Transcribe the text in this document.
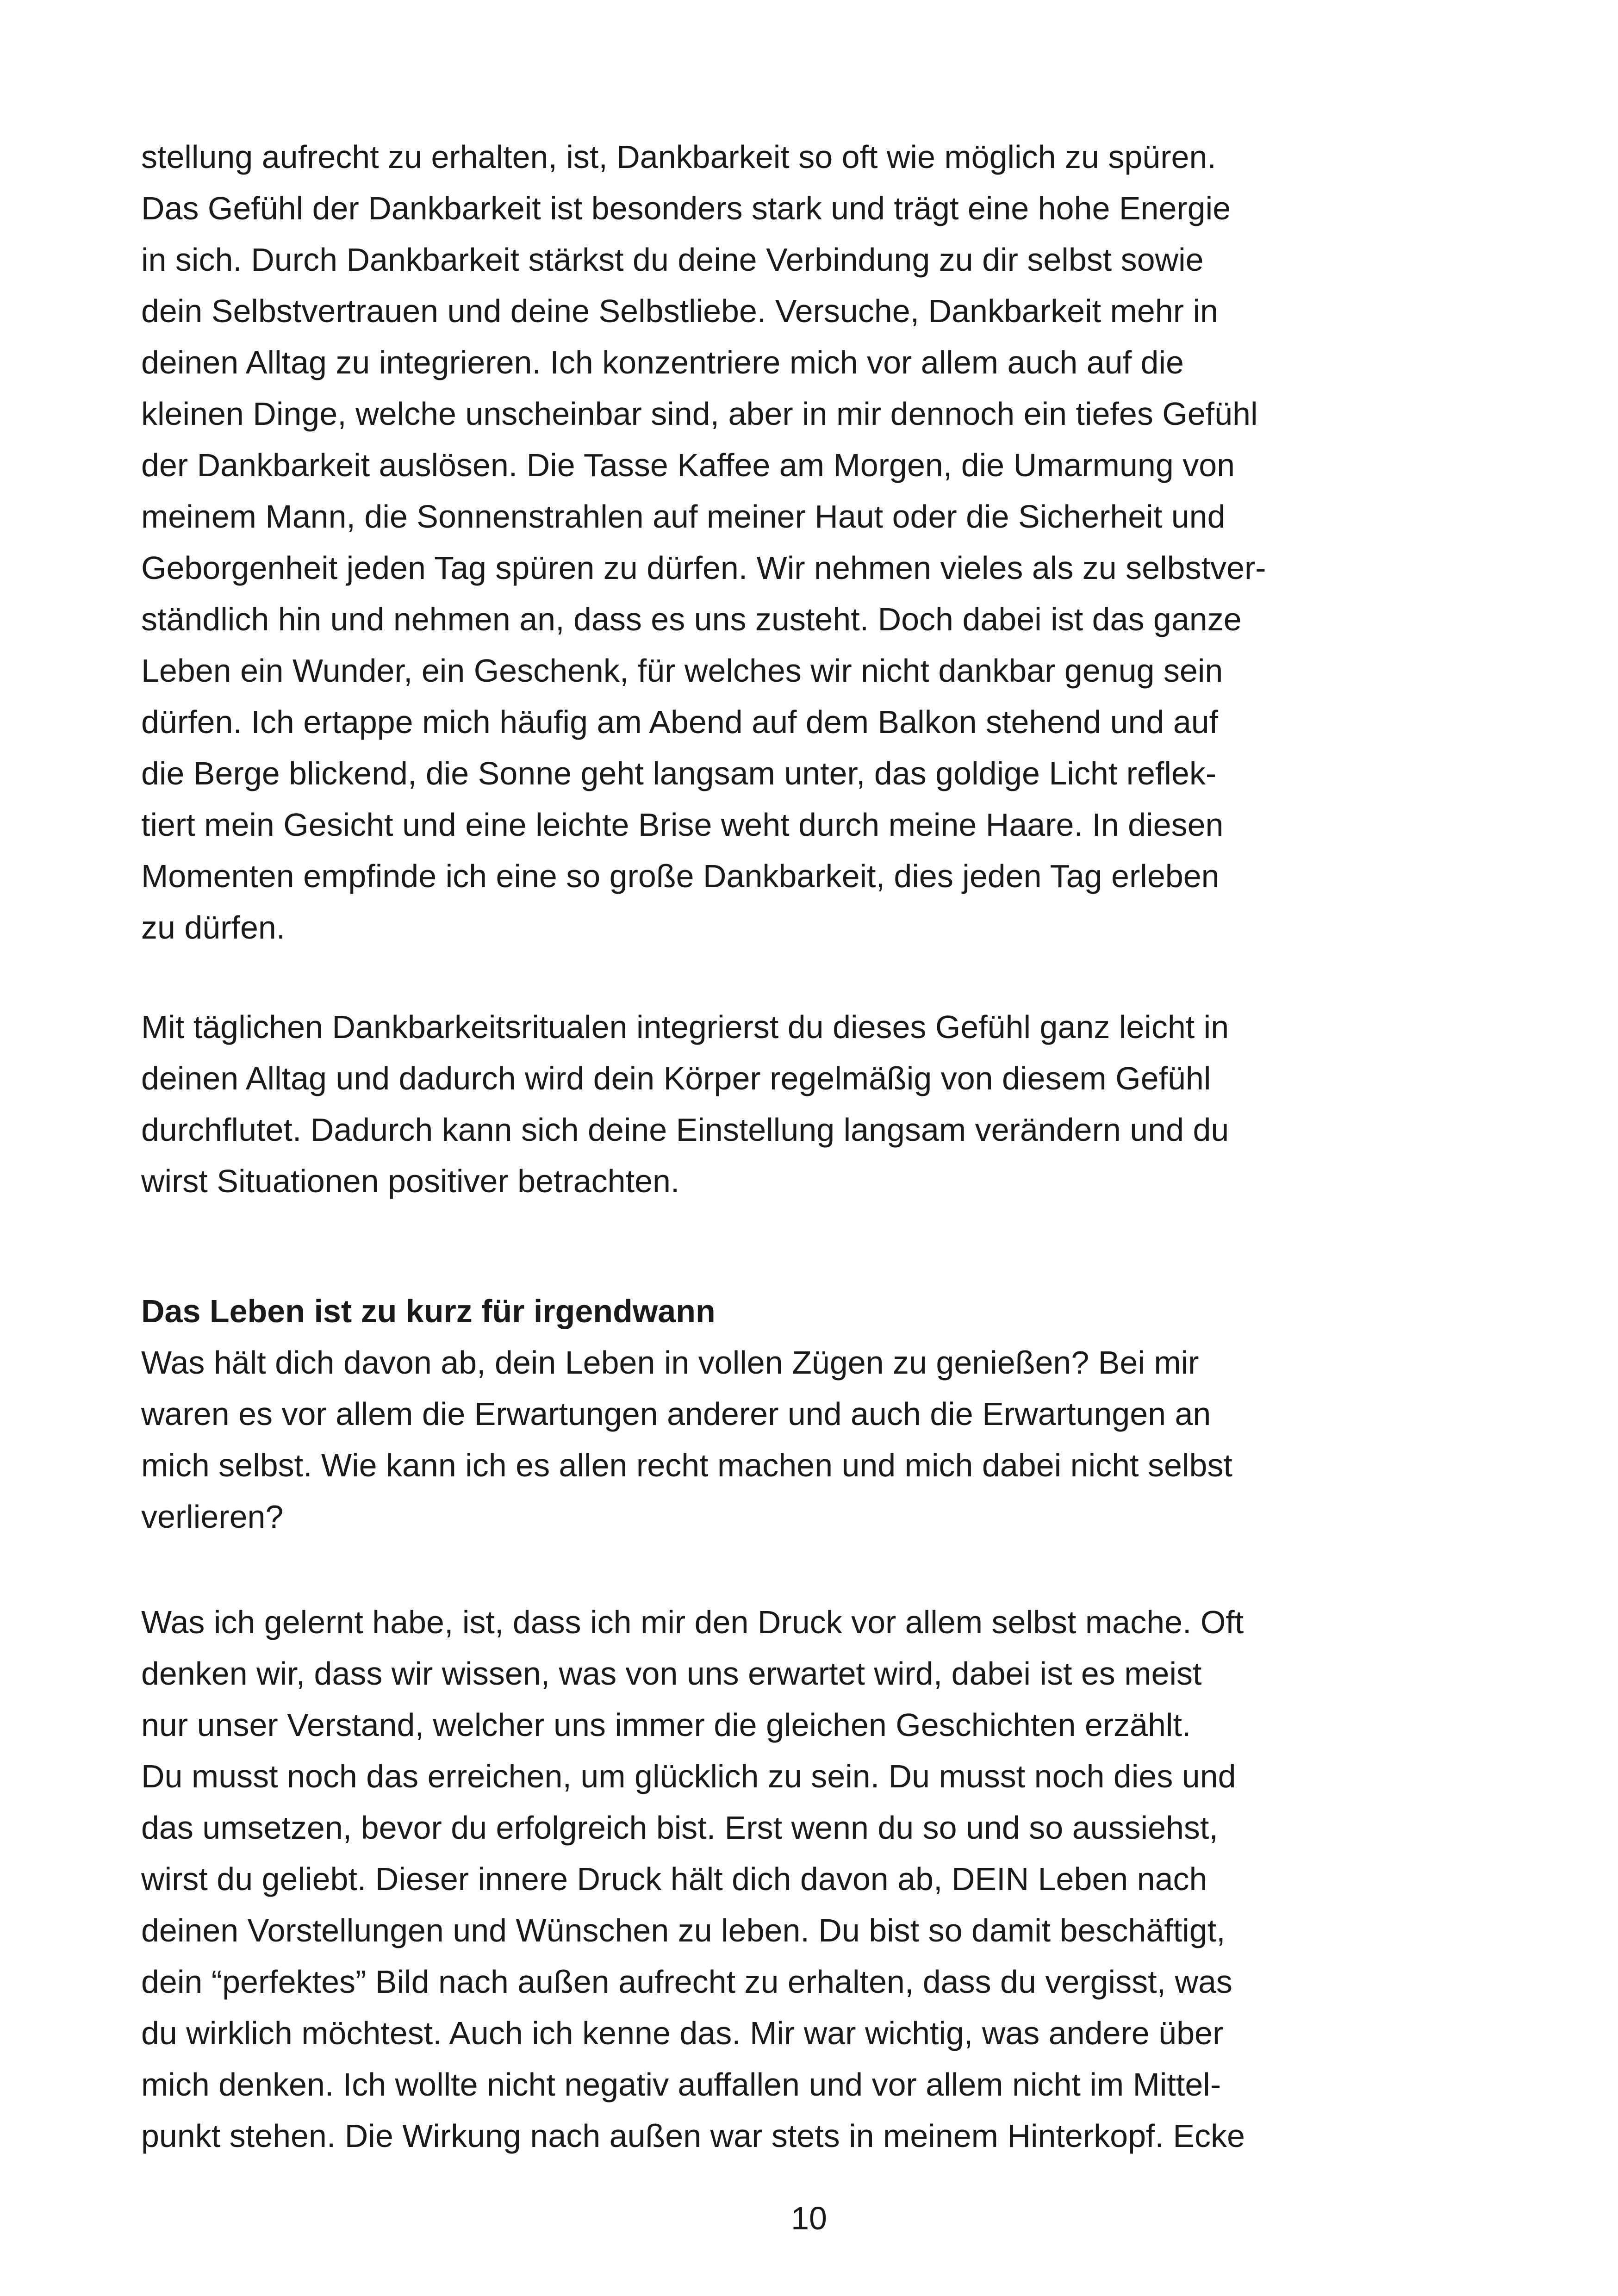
stellung aufrecht zu erhalten, ist, Dankbarkeit so oft wie möglich zu spüren.
Das Gefühl der Dankbarkeit ist besonders stark und trägt eine hohe Energie
in sich. Durch Dankbarkeit stärkst du deine Verbindung zu dir selbst sowie
dein Selbstvertrauen und deine Selbstliebe. Versuche, Dankbarkeit mehr in
deinen Alltag zu integrieren. Ich konzentriere mich vor allem auch auf die
kleinen Dinge, welche unscheinbar sind, aber in mir dennoch ein tiefes Gefühl
der Dankbarkeit auslösen. Die Tasse Kaffee am Morgen, die Umarmung von
meinem Mann, die Sonnenstrahlen auf meiner Haut oder die Sicherheit und
Geborgenheit jeden Tag spüren zu dürfen. Wir nehmen vieles als zu selbstver-
ständlich hin und nehmen an, dass es uns zusteht. Doch dabei ist das ganze
Leben ein Wunder, ein Geschenk, für welches wir nicht dankbar genug sein
dürfen. Ich ertappe mich häufig am Abend auf dem Balkon stehend und auf
die Berge blickend, die Sonne geht langsam unter, das goldige Licht reflek-
tiert mein Gesicht und eine leichte Brise weht durch meine Haare. In diesen
Momenten empfinde ich eine so große Dankbarkeit, dies jeden Tag erleben
zu dürfen.

Mit täglichen Dankbarkeitsritualen integrierst du dieses Gefühl ganz leicht in
deinen Alltag und dadurch wird dein Körper regelmäßig von diesem Gefühl
durchflutet. Dadurch kann sich deine Einstellung langsam verändern und du
wirst Situationen positiver betrachten.

Das Leben ist zu kurz für irgendwann

Was hält dich davon ab, dein Leben in vollen Zügen zu genießen? Bei mir
waren es vor allem die Erwartungen anderer und auch die Erwartungen an
mich selbst. Wie kann ich es allen recht machen und mich dabei nicht selbst
verlieren?

Was ich gelernt habe, ist, dass ich mir den Druck vor allem selbst mache. Oft
denken wir, dass wir wissen, was von uns erwartet wird, dabei ist es meist
nur unser Verstand, welcher uns immer die gleichen Geschichten erzählt.
Du musst noch das erreichen, um glücklich zu sein. Du musst noch dies und
das umsetzen, bevor du erfolgreich bist. Erst wenn du so und so aussiehst,
wirst du geliebt. Dieser innere Druck hält dich davon ab, DEIN Leben nach
deinen Vorstellungen und Wünschen zu leben. Du bist so damit beschäftigt,
dein “perfektes” Bild nach außen aufrecht zu erhalten, dass du vergisst, was
du wirklich möchtest. Auch ich kenne das. Mir war wichtig, was andere über
mich denken. Ich wollte nicht negativ auffallen und vor allem nicht im Mittel-
punkt stehen. Die Wirkung nach außen war stets in meinem Hinterkopf. Ecke

10
